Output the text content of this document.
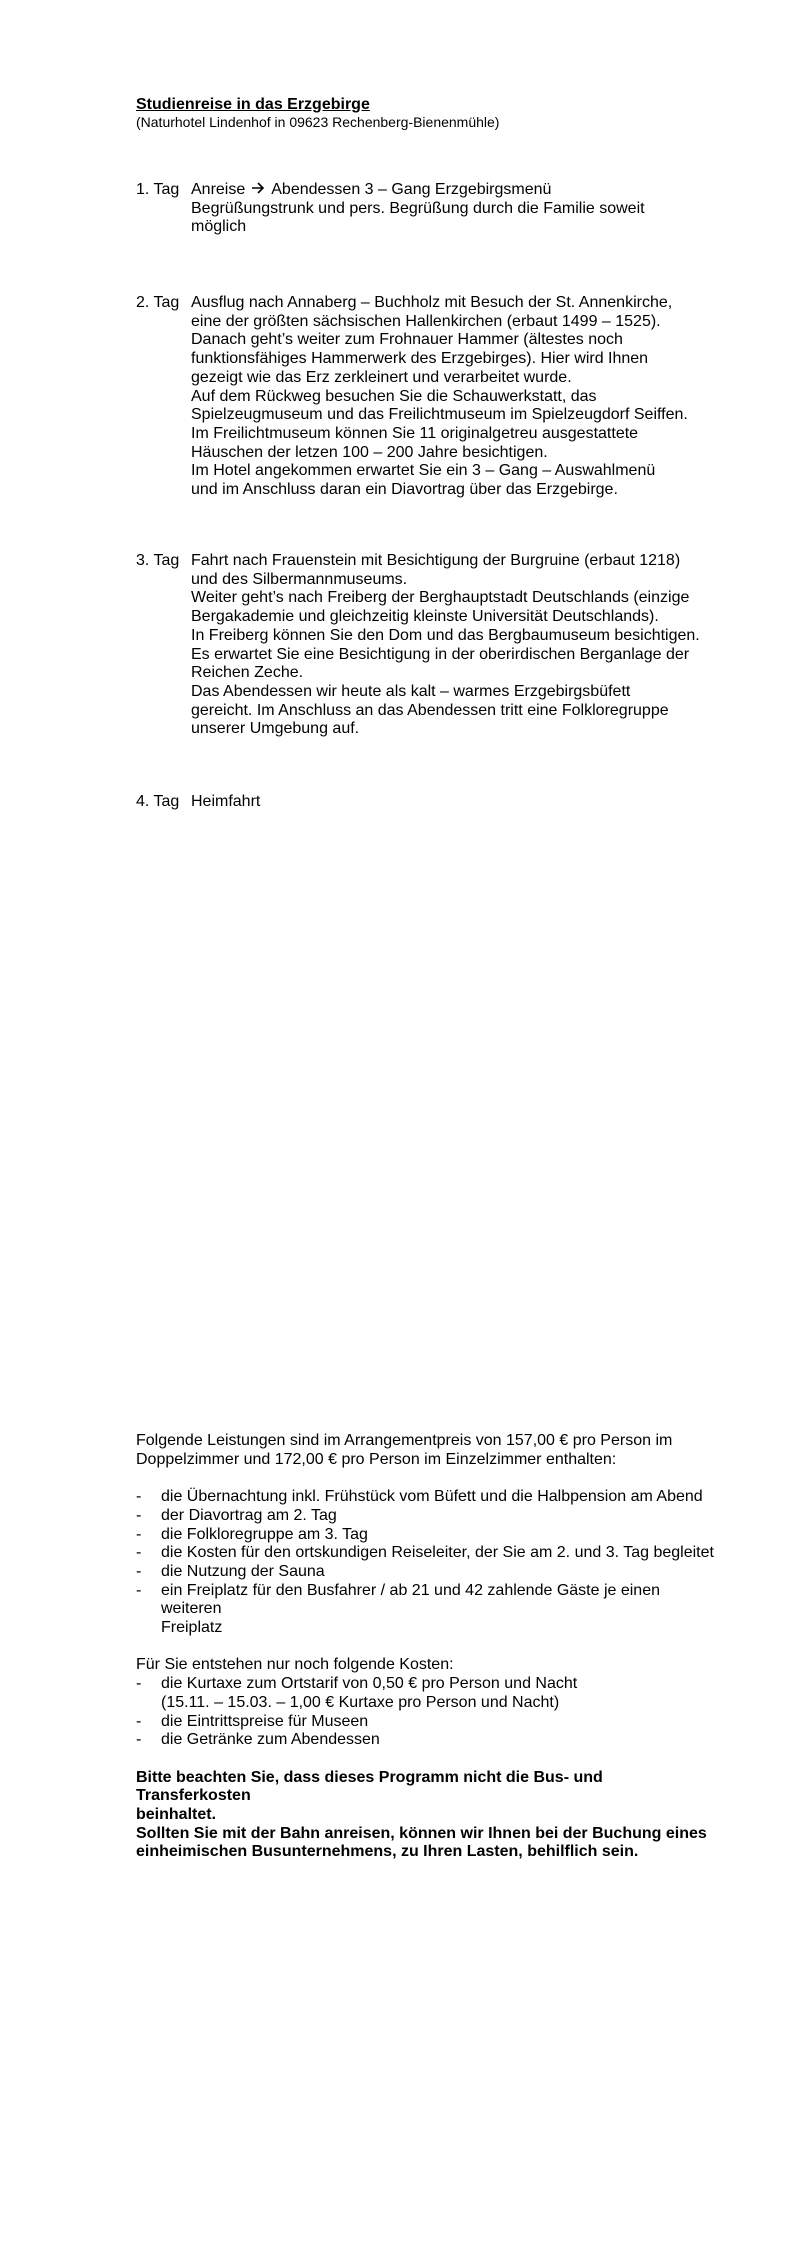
Studienreise in das Erzgebirge

(Naturhotel Lindenhof in 09623 Rechenberg-Bienenmühle)

1. Tag Anreise Abendessen 3 – Gang Erzgebirgsmenü

Begrüßungstrunk und pers. Begrüßung durch die Familie soweit

möglich

2. Tag Ausflug nach Annaberg – Buchholz mit Besuch der St. Annenkirche,

eine der größten sächsischen Hallenkirchen (erbaut 1499 – 1525).

Danach geht’s weiter zum Frohnauer Hammer (ältestes noch

funktionsfähiges Hammerwerk des Erzgebirges). Hier wird Ihnen

gezeigt wie das Erz zerkleinert und verarbeitet wurde.

Auf dem Rückweg besuchen Sie die Schauwerkstatt, das

Spielzeugmuseum und das Freilichtmuseum im Spielzeugdorf Seiffen.

Im Freilichtmuseum können Sie 11 originalgetreu ausgestattete

Häuschen der letzen 100 – 200 Jahre besichtigen.

Im Hotel angekommen erwartet Sie ein 3 – Gang – Auswahlmenü

und im Anschluss daran ein Diavortrag über das Erzgebirge.

3. Tag Fahrt nach Frauenstein mit Besichtigung der Burgruine (erbaut 1218)

und des Silbermannmuseums.

Weiter geht’s nach Freiberg der Berghauptstadt Deutschlands (einzige

Bergakademie und gleichzeitig kleinste Universität Deutschlands).

In Freiberg können Sie den Dom und das Bergbaumuseum besichtigen.

Es erwartet Sie eine Besichtigung in der oberirdischen Berganlage der

Reichen Zeche.

Das Abendessen wir heute als kalt – warmes Erzgebirgsbüfett

gereicht. Im Anschluss an das Abendessen tritt eine Folkloregruppe

unserer Umgebung auf.

4. Tag Heimfahrt

Folgende Leistungen sind im Arrangementpreis von 157,00 € pro Person im

Doppelzimmer und 172,00 € pro Person im Einzelzimmer enthalten:

- die Übernachtung inkl. Frühstück vom Büfett und die Halbpension am Abend
- der Diavortrag am 2. Tag
- die Folkloregruppe am 3. Tag
- die Kosten für den ortskundigen Reiseleiter, der Sie am 2. und 3. Tag begleitet
- die Nutzung der Sauna
- ein Freiplatz für den Busfahrer / ab 21 und 42 zahlende Gäste je einen weiteren
Freiplatz

Für Sie entstehen nur noch folgende Kosten:

- die Kurtaxe zum Ortstarif von 0,50 € pro Person und Nacht
(15.11. – 15.03. – 1,00 € Kurtaxe pro Person und Nacht)
- die Eintrittspreise für Museen
- die Getränke zum Abendessen

Bitte beachten Sie, dass dieses Programm nicht die Bus- und Transferkosten

beinhaltet.

Sollten Sie mit der Bahn anreisen, können wir Ihnen bei der Buchung eines

einheimischen Busunternehmens, zu Ihren Lasten, behilflich sein.
